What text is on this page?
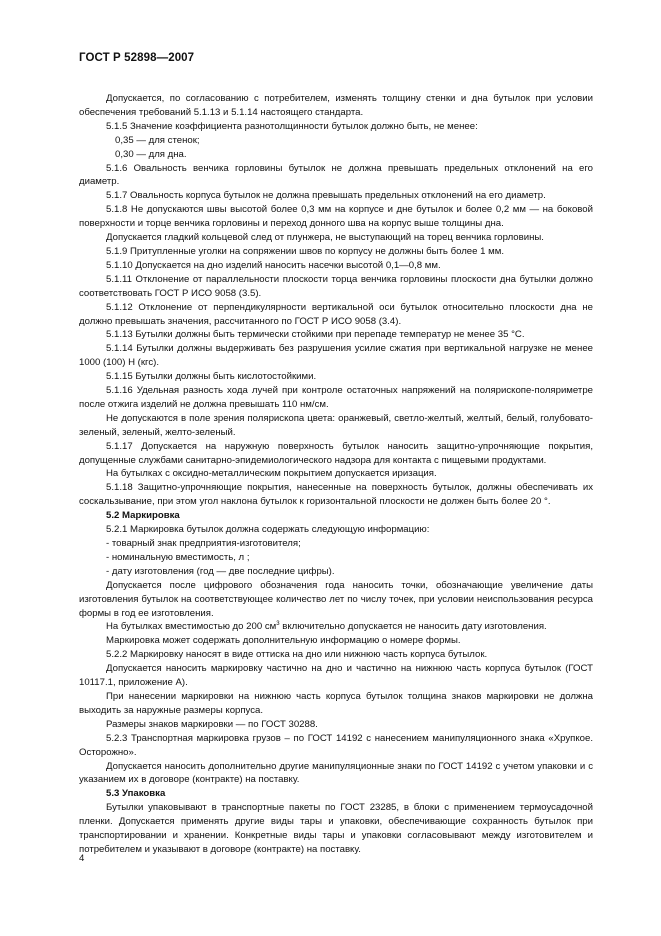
ГОСТ Р 52898—2007

Допускается, по согласованию с потребителем, изменять толщину стенки и дна бутылок при условии обеспечения требований 5.1.13 и 5.1.14 настоящего стандарта.

5.1.5 Значение коэффициента разнотолщинности бутылок должно быть, не менее:

0,35 — для стенок;

0,30 — для дна.

5.1.6 Овальность венчика горловины бутылок не должна превышать предельных отклонений на его диаметр.

5.1.7 Овальность корпуса бутылок не должна превышать предельных отклонений на его диаметр.

5.1.8 Не допускаются швы высотой более 0,3 мм на корпусе и дне бутылок и более 0,2 мм — на боковой поверхности и торце венчика горловины и переход донного шва на корпус выше толщины дна.

Допускается гладкий кольцевой след от плунжера, не выступающий на торец венчика горловины.

5.1.9 Притупленные уголки на сопряжении швов по корпусу не должны быть более 1 мм.

5.1.10 Допускается на дно изделий наносить насечки высотой 0,1—0,8 мм.

5.1.11 Отклонение от параллельности плоскости торца венчика горловины плоскости дна бутылки должно соответствовать ГОСТ Р ИСО 9058 (3.5).

5.1.12 Отклонение от перпендикулярности вертикальной оси бутылок относительно плоскости дна не должно превышать значения, рассчитанного по ГОСТ Р ИСО 9058 (3.4).

5.1.13 Бутылки должны быть термически стойкими при перепаде температур не менее 35 °С.

5.1.14 Бутылки должны выдерживать без разрушения усилие сжатия при вертикальной нагрузке не менее 1000 (100) Н (кгс).

5.1.15 Бутылки должны быть кислотостойкими.

5.1.16 Удельная разность хода лучей при контроле остаточных напряжений на полярископе-поляриметре после отжига изделий не должна превышать 110 нм/см.

Не допускаются в поле зрения полярископа цвета: оранжевый, светло-желтый, желтый, белый, голубовато-зеленый, зеленый, желто-зеленый.

5.1.17 Допускается на наружную поверхность бутылок наносить защитно-упрочняющие покрытия, допущенные службами санитарно-эпидемиологического надзора для контакта с пищевыми продуктами.

На бутылках с оксидно-металлическим покрытием допускается иризация.

5.1.18 Защитно-упрочняющие покрытия, нанесенные на поверхность бутылок, должны обеспечивать их соскальзывание, при этом угол наклона бутылок к горизонтальной плоскости не должен быть более 20 °.

5.2 Маркировка

5.2.1 Маркировка бутылок должна содержать следующую информацию:

- товарный знак предприятия-изготовителя;

- номинальную вместимость, л ;

- дату изготовления (год — две последние цифры).

Допускается после цифрового обозначения года наносить точки, обозначающие увеличение даты изготовления бутылок на соответствующее количество лет по числу точек, при условии неиспользования ресурса формы в год ее изготовления.

На бутылках вместимостью до 200 $см^3$ включительно допускается не наносить дату изготовления.

Маркировка может содержать дополнительную информацию о номере формы.

5.2.2 Маркировку наносят в виде оттиска на дно или нижнюю часть корпуса бутылок.

Допускается наносить маркировку частично на дно и частично на нижнюю часть корпуса бутылок (ГОСТ 10117.1, приложение А).

При нанесении маркировки на нижнюю часть корпуса бутылок толщина знаков маркировки не должна выходить за наружные размеры корпуса.

Размеры знаков маркировки — по ГОСТ 30288.

5.2.3 Транспортная маркировка грузов – по ГОСТ 14192 с нанесением манипуляционного знака «Хрупкое. Осторожно».

Допускается наносить дополнительно другие манипуляционные знаки по ГОСТ 14192 с учетом упаковки и с указанием их в договоре (контракте) на поставку.

5.3 Упаковка

Бутылки упаковывают в транспортные пакеты по ГОСТ 23285, в блоки с применением термоусадочной пленки. Допускается применять другие виды тары и упаковки, обеспечивающие сохранность бутылок при транспортировании и хранении. Конкретные виды тары и упаковки согласовывают между изготовителем и потребителем и указывают в договоре (контракте) на поставку.

4
